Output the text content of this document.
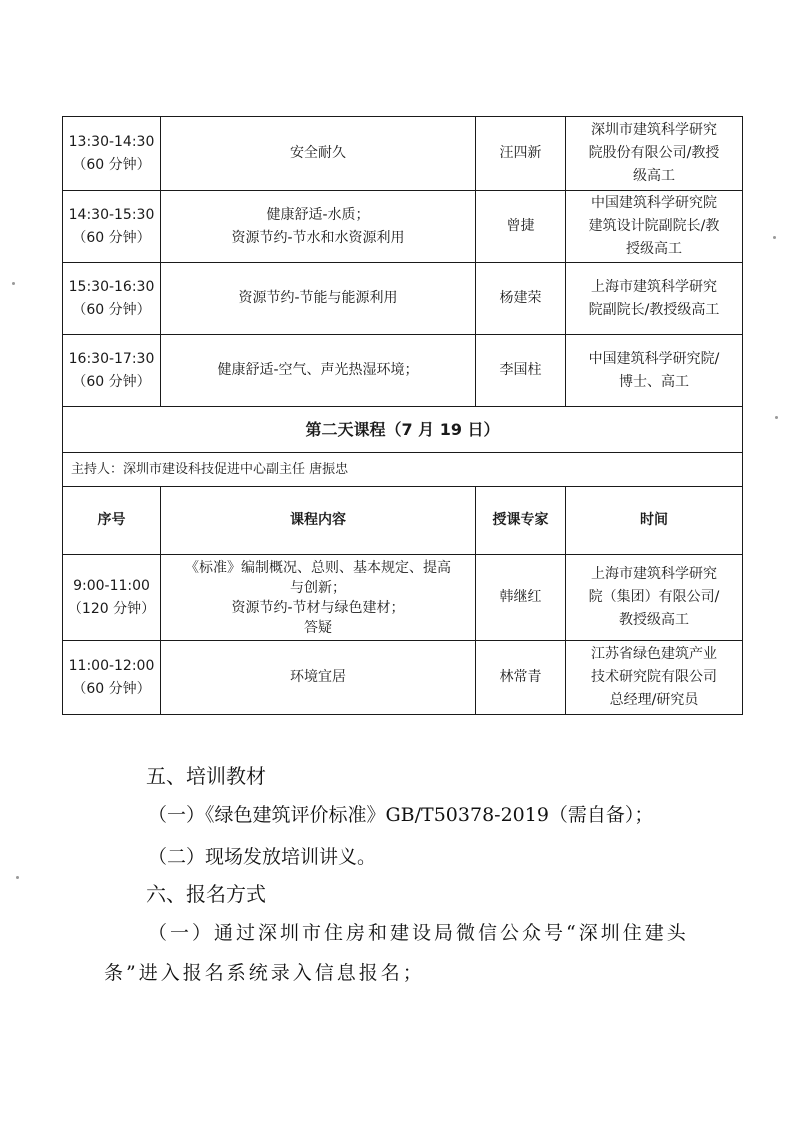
13:30-14:30
（60 分钟）	安全耐久	汪四新	深圳市建筑科学研究
院股份有限公司/教授
级高工

14:30-15:30
（60 分钟）	健康舒适-水质；
资源节约-节水和水资源利用	曾捷	中国建筑科学研究院
建筑设计院副院长/教
授级高工

15:30-16:30
（60 分钟）	资源节约-节能与能源利用	杨建荣	上海市建筑科学研究
院副院长/教授级高工

16:30-17:30
（60 分钟）	健康舒适-空气、声光热湿环境；	李国柱	中国建筑科学研究院/
博士、高工

第二天课程（7 月 19 日）			
主持人：深圳市建设科技促进中心副主任 唐振忠			
序号	课程内容	授课专家	时间

9:00-11:00
（120 分钟）	《标准》编制概况、总则、基本规定、提高
与创新；
资源节约-节材与绿色建材；
答疑	韩继红	上海市建筑科学研究
院（集团）有限公司/
教授级高工

11:00-12:00
（60 分钟）	环境宜居	林常青	江苏省绿色建筑产业
技术研究院有限公司
总经理/研究员
五、培训教材
（一）《绿色建筑评价标准》GB/T50378-2019（需自备）；
（二）现场发放培训讲义。
六、报名方式
（一）通过深圳市住房和建设局微信公众号“深圳住建头
条”进入报名系统录入信息报名；
